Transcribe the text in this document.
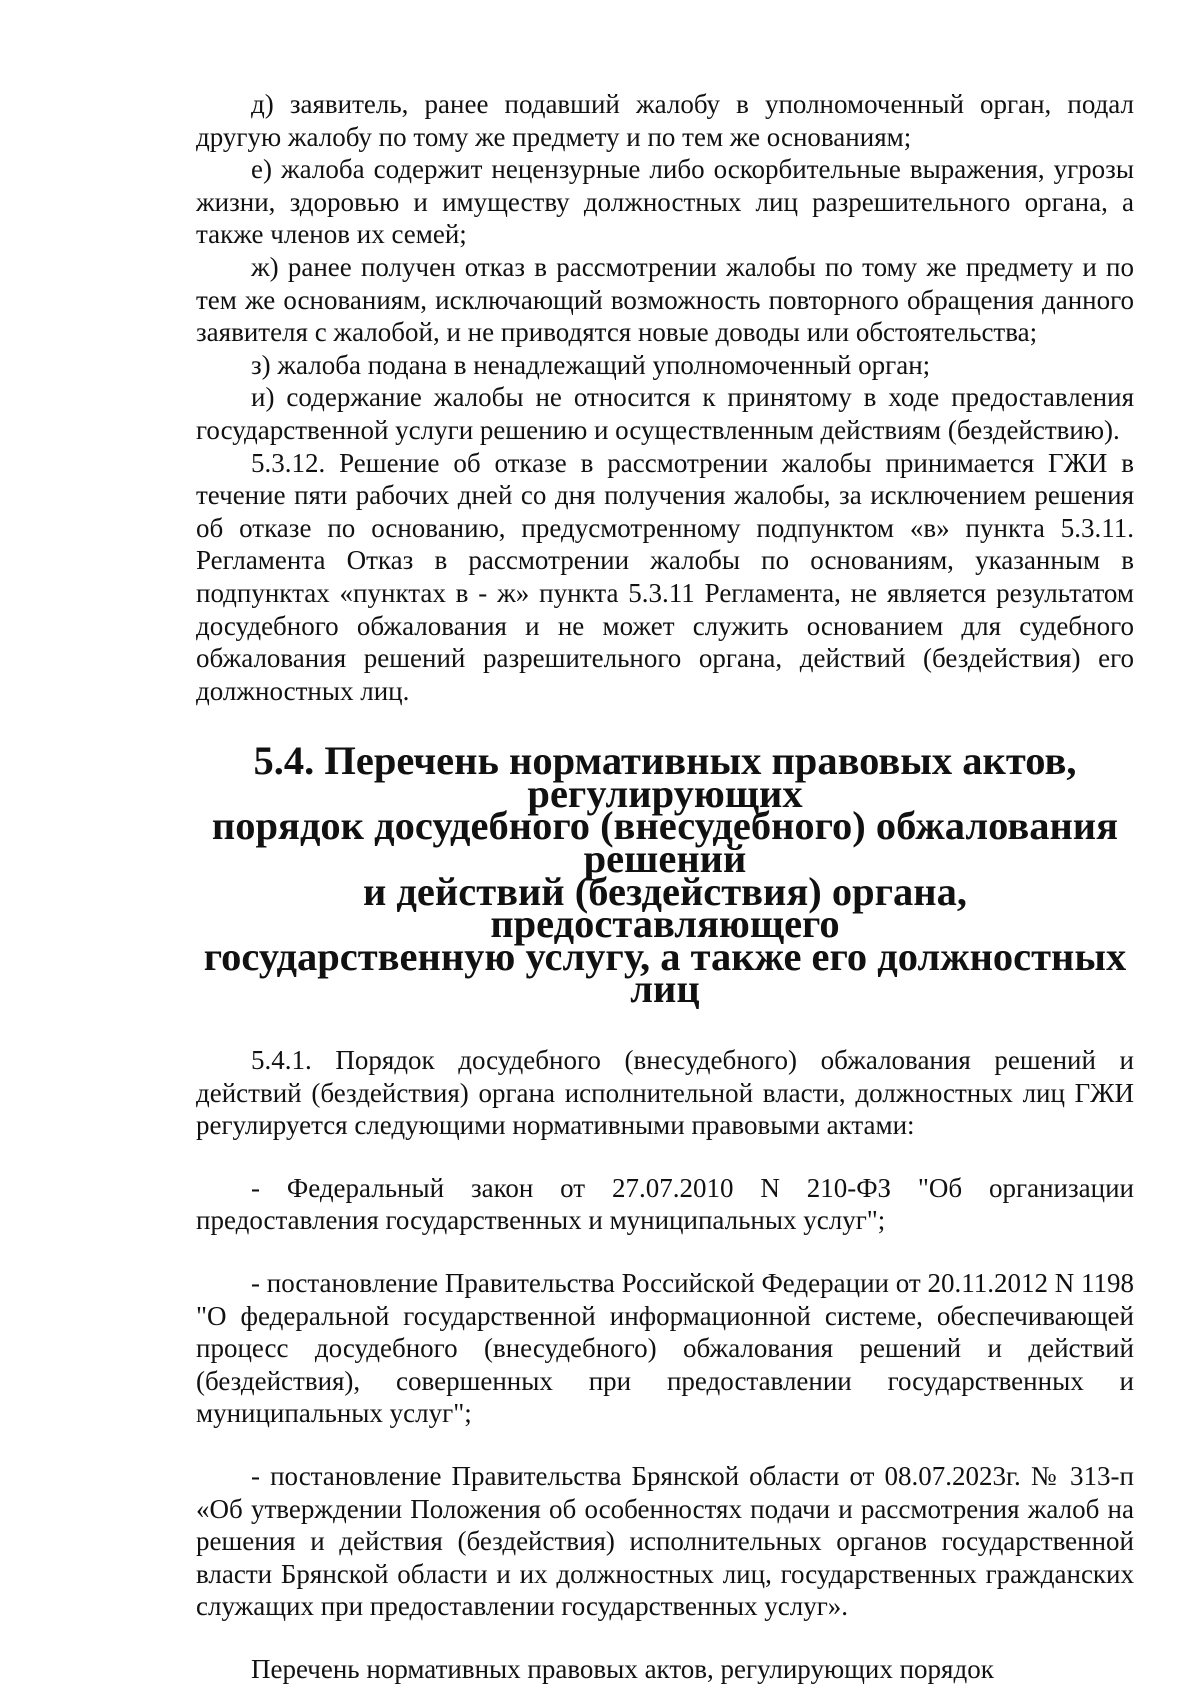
д) заявитель, ранее подавший жалобу в уполномоченный орган, подал другую жалобу по тому же предмету и по тем же основаниям;

е) жалоба содержит нецензурные либо оскорбительные выражения, угрозы жизни, здоровью и имуществу должностных лиц разрешительного органа, а также членов их семей;

ж) ранее получен отказ в рассмотрении жалобы по тому же предмету и по тем же основаниям, исключающий возможность повторного обращения данного заявителя с жалобой, и не приводятся новые доводы или обстоятельства;

з) жалоба подана в ненадлежащий уполномоченный орган;

и) содержание жалобы не относится к принятому в ходе предоставления государственной услуги решению и осуществленным действиям (бездействию).

5.3.12. Решение об отказе в рассмотрении жалобы принимается ГЖИ в течение пяти рабочих дней со дня получения жалобы, за исключением решения об отказе по основанию, предусмотренному подпунктом «в» пункта 5.3.11. Регламента Отказ в рассмотрении жалобы по основаниям, указанным в подпунктах «пунктах в - ж» пункта 5.3.11 Регламента, не является результатом досудебного обжалования и не может служить основанием для судебного обжалования решений разрешительного органа, действий (бездействия) его должностных лиц.

5.4. Перечень нормативных правовых актов, регулирующих
порядок досудебного (внесудебного) обжалования решений
и действий (бездействия) органа, предоставляющего
государственную услугу, а также его должностных лиц

5.4.1. Порядок досудебного (внесудебного) обжалования решений и действий (бездействия) органа исполнительной власти, должностных лиц ГЖИ регулируется следующими нормативными правовыми актами:

- Федеральный закон от 27.07.2010 N 210-ФЗ "Об организации предоставления государственных и муниципальных услуг";

- постановление Правительства Российской Федерации от 20.11.2012 N 1198 "О федеральной государственной информационной системе, обеспечивающей процесс досудебного (внесудебного) обжалования решений и действий (бездействия), совершенных при предоставлении государственных и муниципальных услуг";

- постановление Правительства Брянской области от 08.07.2023г. № 313-п «Об утверждении Положения об особенностях подачи и рассмотрения жалоб на решения и действия (бездействия) исполнительных органов государственной власти Брянской области и их должностных лиц, государственных гражданских служащих при предоставлении государственных услуг».

Перечень нормативных правовых актов, регулирующих порядок
